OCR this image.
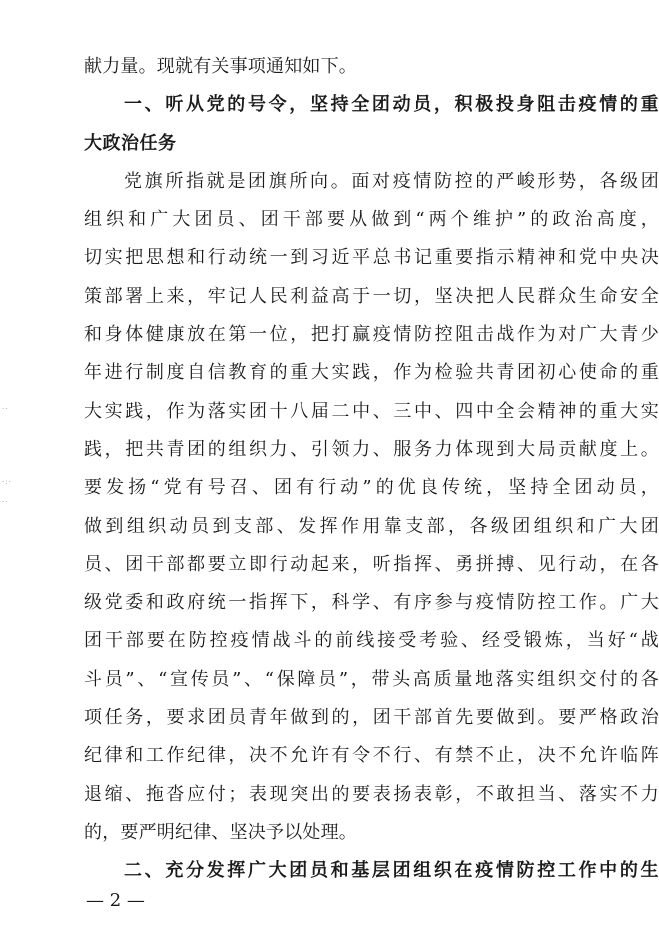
献力量。现就有关事项通知如下。
一、听从党的号令，坚持全团动员，积极投身阻击疫情的重
大政治任务
党旗所指就是团旗所向。面对疫情防控的严峻形势，各级团
组织和广大团员、团干部要从做到“两个维护”的政治高度，
切实把思想和行动统一到习近平总书记重要指示精神和党中央决
策部署上来，牢记人民利益高于一切，坚决把人民群众生命安全
和身体健康放在第一位，把打赢疫情防控阻击战作为对广大青少
年进行制度自信教育的重大实践，作为检验共青团初心使命的重
大实践，作为落实团十八届二中、三中、四中全会精神的重大实
践，把共青团的组织力、引领力、服务力体现到大局贡献度上。
要发扬“党有号召、团有行动”的优良传统，坚持全团动员，
做到组织动员到支部、发挥作用靠支部，各级团组织和广大团
员、团干部都要立即行动起来，听指挥、勇拼搏、见行动，在各
级党委和政府统一指挥下，科学、有序参与疫情防控工作。广大
团干部要在防控疫情战斗的前线接受考验、经受锻炼，当好“战
斗员”、“宣传员”、“保障员”，带头高质量地落实组织交付的各
项任务，要求团员青年做到的，团干部首先要做到。要严格政治
纪律和工作纪律，决不允许有令不行、有禁不止，决不允许临阵
退缩、拖沓应付；表现突出的要表扬表彰，不敢担当、落实不力
的，要严明纪律、坚决予以处理。
二、充分发挥广大团员和基层团组织在疫情防控工作中的生
··
·:·
··
— 2 —
